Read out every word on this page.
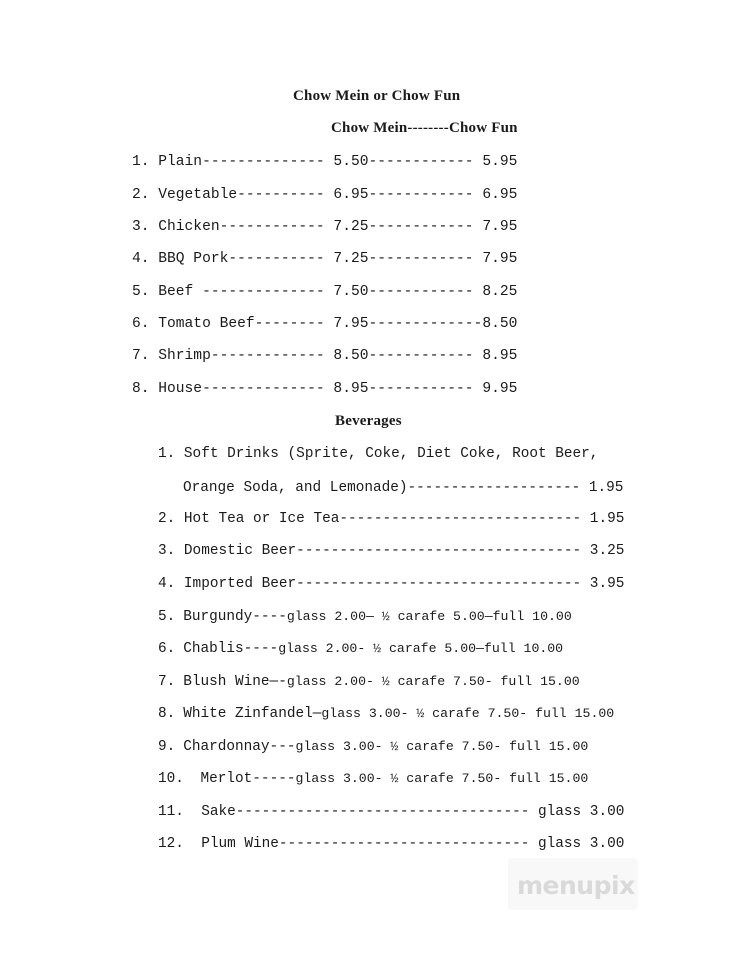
Chow Mein or Chow Fun
Chow Mein--------Chow Fun
1. Plain-------------- 5.50------------ 5.95
2. Vegetable---------- 6.95------------ 6.95
3. Chicken------------ 7.25------------ 7.95
4. BBQ Pork----------- 7.25------------ 7.95
5. Beef -------------- 7.50------------ 8.25
6. Tomato Beef-------- 7.95-------------8.50
7. Shrimp------------- 8.50------------ 8.95
8. House-------------- 8.95------------ 9.95
Beverages
1. Soft Drinks (Sprite, Coke, Diet Coke, Root Beer,
Orange Soda, and Lemonade)-------------------- 1.95
2. Hot Tea or Ice Tea---------------------------- 1.95
3. Domestic Beer--------------------------------- 3.25
4. Imported Beer--------------------------------- 3.95
5. Burgundy----glass 2.00— ½ carafe 5.00—full 10.00
6. Chablis----glass 2.00- ½ carafe 5.00—full 10.00
7. Blush Wine—-glass 2.00- ½ carafe 7.50- full 15.00
8. White Zinfandel—glass 3.00- ½ carafe 7.50- full 15.00
9. Chardonnay---glass 3.00- ½ carafe 7.50- full 15.00
10.  Merlot-----glass 3.00- ½ carafe 7.50- full 15.00
11.  Sake---------------------------------- glass 3.00
12.  Plum Wine----------------------------- glass 3.00
menupix
